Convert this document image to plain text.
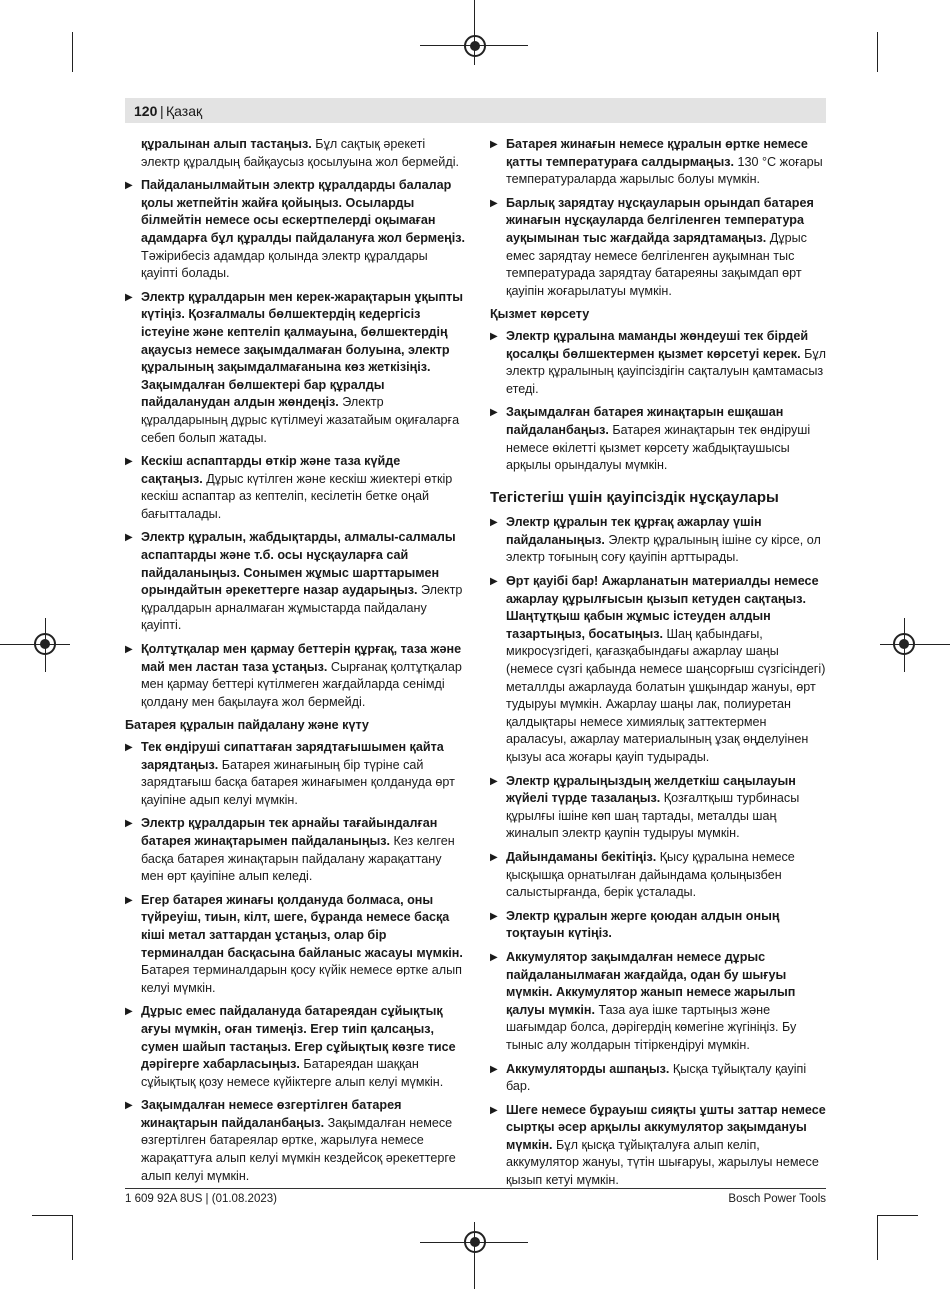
120 | Қазақ
құралынан алып тастаңыз. Бұл сақтық әрекеті электр құралдың байқаусыз қосылуына жол бермейді.
▶ Пайдаланылмайтын электр құралдарды балалар қолы жетпейтін жайға қойыңыз. Осыларды білмейтін немесе осы ескертпелерді оқымаған адамдарға бұл құралды пайдалануға жол бермеңіз. Тәжірибесіз адамдар қолында электр құралдары қауіпті болады.
▶ Электр құралдарын мен керек-жарақтарын ұқыпты күтіңіз. Қозғалмалы бөлшектердің кедергісіз істеуіне және кептеліп қалмауына, бөлшектердің ақаусыз немесе зақымдалмаған болуына, электр құралының зақымдалмағанына көз жеткізіңіз. Зақымдалған бөлшектері бар құралды пайдаланудан алдын жөндеңіз. Электр құралдарының дұрыс күтілмеуі жазатайым оқиғаларға себеп болып жатады.
▶ Кескіш аспаптарды өткір және таза күйде сақтаңыз. Дұрыс күтілген және кескіш жиектері өткір кескіш аспаптар аз кептеліп, кесілетін бетке оңай бағытталады.
▶ Электр құралын, жабдықтарды, алмалы-салмалы аспаптарды және т.б. осы нұсқауларға сай пайдаланыңыз. Сонымен жұмыс шарттарымен орындайтын әрекеттерге назар аударыңыз. Электр құралдарын арналмаған жұмыстарда пайдалану қауіпті.
▶ Қолтұтқалар мен қармау беттерін құрғақ, таза және май мен ластан таза ұстаңыз. Сырғанақ қолтұтқалар мен қармау беттері күтілмеген жағдайларда сенімді қолдану мен бақылауға жол бермейді.
Батарея құралын пайдалану және күту
▶ Тек өндіруші сипаттаған зарядтағышымен қайта зарядтаңыз. Батарея жинағының бір түріне сай зарядтағыш басқа батарея жинағымен қолдануда өрт қауіпіне адып келуі мүмкін.
▶ Электр құралдарын тек арнайы тағайындалған батарея жинақтарымен пайдаланыңыз. Кез келген басқа батарея жинақтарын пайдалану жарақаттану мен өрт қауіпіне алып келеді.
▶ Егер батарея жинағы қолдануда болмаса, оны түйреуіш, тиын, кілт, шеге, бұранда немесе басқа кіші метал заттардан ұстаңыз, олар бір терминалдан басқасына байланыс жасауы мүмкін. Батарея терминалдарын қосу күйік немесе өртке алып келуі мүмкін.
▶ Дұрыс емес пайдалануда батареядан сұйықтық ағуы мүмкін, оған тимеңіз. Егер тиіп қалсаңыз, сумен шайып тастаңыз. Егер сұйықтық көзге тисе дәрігерге хабарласыңыз. Батареядан шаққан сұйықтық қозу немесе күйіктерге алып келуі мүмкін.
▶ Зақымдалған немесе өзгертілген батарея жинақтарын пайдаланбаңыз. Зақымдалған немесе өзгертілген батареялар өртке, жарылуға немесе жарақаттуға алып келуі мүмкін кездейсоқ әрекеттерге алып келуі мүмкін.
▶ Батарея жинағын немесе құралын өртке немесе қатты температураға салдырмаңыз. 130 °C жоғары температураларда жарылыс болуы мүмкін.
▶ Барлық зарядтау нұсқауларын орындап батарея жинағын нұсқауларда белгіленген температура ауқымынан тыс жағдайда зарядтамаңыз. Дұрыс емес зарядтау немесе белгіленген ауқымнан тыс температурада зарядтау батареяны зақымдап өрт қауіпін жоғарылатуы мүмкін.
Қызмет көрсету
▶ Электр құралына маманды жөндеуші тек бірдей қосалқы бөлшектермен қызмет көрсетуі керек. Бұл электр құралының қауіпсіздігін сақталуын қамтамасыз етеді.
▶ Зақымдалған батарея жинақтарын ешқашан пайдаланбаңыз. Батарея жинақтарын тек өндіруші немесе өкілетті қызмет көрсету жабдықтаушысы арқылы орындалуы мүмкін.
Тегістегіш үшін қауіпсіздік нұсқаулары
▶ Электр құралын тек құрғақ ажарлау үшін пайдаланыңыз. Электр құралының ішіне су кірсе, ол электр тоғының соғу қауіпін арттырады.
▶ Өрт қауібі бар! Ажарланатын материалды немесе ажарлау құрылғысын қызып кетуден сақтаңыз. Шаңтұтқыш қабын жұмыс істеуден алдын тазартыңыз, босатыңыз. Шаң қабындағы, микросүзгідегі, қағазқабындағы ажарлау шаңы (немесе сүзгі қабында немесе шаңсорғыш сүзгісіндегі) металлды ажарлауда болатын ұшқындар жануы, өрт тудыруы мүмкін. Ажарлау шаңы лак, полиуретан қалдықтары немесе химиялық заттектермен араласуы, ажарлау материалының ұзақ өңделуінен қызуы аса жоғары қауіп тудырады.
▶ Электр құралыңыздың желдеткіш саңылауын жүйелі түрде тазалаңыз. Қозғалтқыш турбинасы құрылғы ішіне көп шаң тартады, металды шаң жиналып электр қаупін тудыруы мүмкін.
▶ Дайындаманы бекітіңіз. Қысу құралына немесе қысқышқа орнатылған дайындама қолыңызбен салыстырғанда, берік ұсталады.
▶ Электр құралын жерге қоюдан алдын оның тоқтауын күтіңіз.
▶ Аккумулятор зақымдалған немесе дұрыс пайдаланылмаған жағдайда, одан бу шығуы мүмкін. Аккумулятор жанып немесе жарылып қалуы мүмкін. Таза ауа ішке тартыңыз және шағымдар болса, дәрігердің көмегіне жүгініңіз. Бу тыныс алу жолдарын тітіркендіруі мүмкін.
▶ Аккумуляторды ашпаңыз. Қысқа тұйықталу қауіпі бар.
▶ Шеге немесе бұрауыш сияқты ұшты заттар немесе сыртқы әсер арқылы аккумулятор зақымдануы мүмкін. Бұл қысқа тұйықталуға алып келіп, аккумулятор жануы, түтін шығаруы, жарылуы немесе қызып кетуі мүмкін.
1 609 92A 8US | (01.08.2023)	Bosch Power Tools
